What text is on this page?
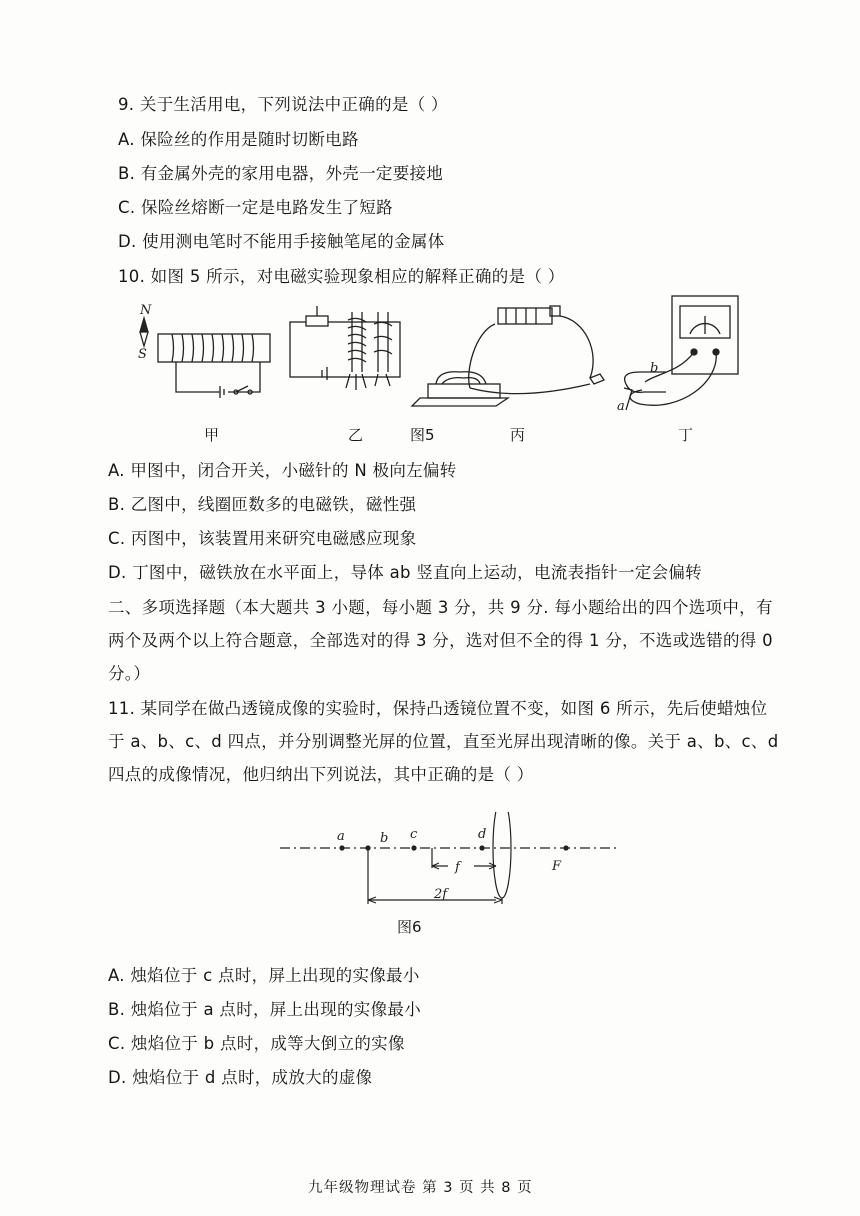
9. 关于生活用电，下列说法中正确的是（ ）
A. 保险丝的作用是随时切断电路
B. 有金属外壳的家用电器，外壳一定要接地
C. 保险丝熔断一定是电路发生了短路
D. 使用测电笔时不能用手接触笔尾的金属体
10. 如图 5 所示，对电磁实验现象相应的解释正确的是（ ）
N
S
b
a
甲	乙	图5	丙	丁
A. 甲图中，闭合开关，小磁针的 N 极向左偏转
B. 乙图中，线圈匝数多的电磁铁，磁性强
C. 丙图中，该装置用来研究电磁感应现象
D. 丁图中，磁铁放在水平面上，导体 ab 竖直向上运动，电流表指针一定会偏转
二、多项选择题（本大题共 3 小题，每小题 3 分，共 9 分. 每小题给出的四个选项中，有
两个及两个以上符合题意，全部选对的得 3 分，选对但不全的得 1 分，不选或选错的得 0
分。）
11. 某同学在做凸透镜成像的实验时，保持凸透镜位置不变，如图 6 所示，先后使蜡烛位
于 a、b、c、d 四点，并分别调整光屏的位置，直至光屏出现清晰的像。关于 a、b、c、d
四点的成像情况，他归纳出下列说法，其中正确的是（ ）
a	b c	d
F
f
2f
图6
A. 烛焰位于 c 点时，屏上出现的实像最小
B. 烛焰位于 a 点时，屏上出现的实像最小
C. 烛焰位于 b 点时，成等大倒立的实像
D. 烛焰位于 d 点时，成放大的虚像
九年级物理试卷 第 3 页 共 8 页
